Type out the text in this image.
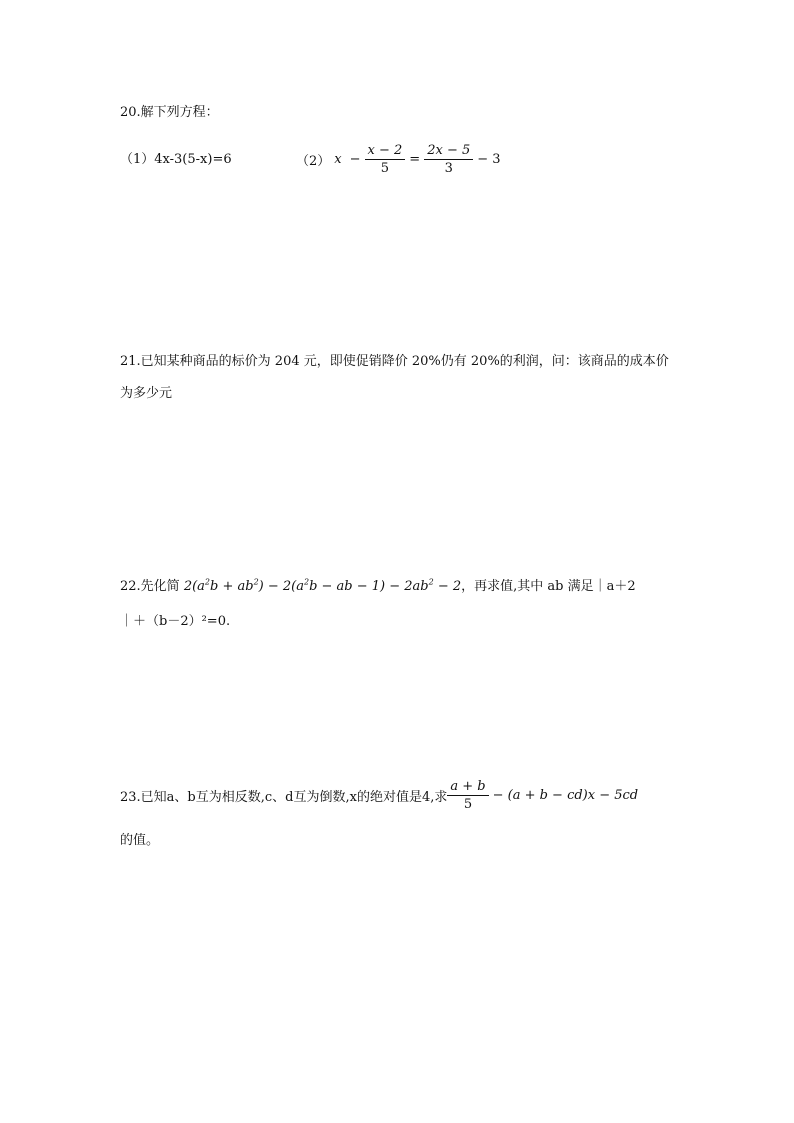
20.解下列方程：
（1）4x-3(5-x)=6	（2） $x - \frac{x - 2}{5} = \frac{2x - 5}{3} - 3$
21.已知某种商品的标价为 204 元，即使促销降价 20%仍有 20%的利润，问：该商品的成本价
为多少元
22.先化简 $2(a^2b + ab^2) - 2(a^2b$ − ab − $1) - 2ab^2 - 2$，再求值,其中 ab 满足｜a＋2
｜＋（b－2）²=0.
23.已知a、b互为相反数,c、d互为倒数,x的绝对值是4,求 $\frac{a + b}{5} - (a + b - cd)x - 5cd$
的值。
